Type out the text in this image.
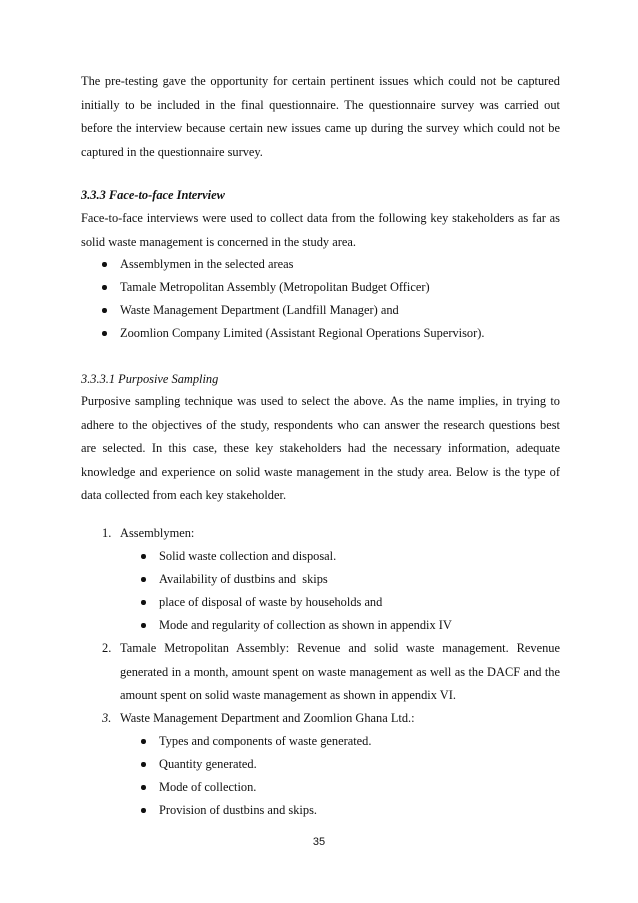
The pre-testing gave the opportunity for certain pertinent issues which could not be captured initially to be included in the final questionnaire. The questionnaire survey was carried out before the interview because certain new issues came up during the survey which could not be captured in the questionnaire survey.

3.3.3 Face-to-face Interview

Face-to-face interviews were used to collect data from the following key stakeholders as far as solid waste management is concerned in the study area.

Assemblymen in the selected areas
Tamale Metropolitan Assembly (Metropolitan Budget Officer)
Waste Management Department (Landfill Manager) and
Zoomlion Company Limited (Assistant Regional Operations Supervisor).

3.3.3.1 Purposive Sampling

Purposive sampling technique was used to select the above. As the name implies, in trying to adhere to the objectives of the study, respondents who can answer the research questions best are selected. In this case, these key stakeholders had the necessary information, adequate knowledge and experience on solid waste management in the study area. Below is the type of data collected from each key stakeholder.

1. Assemblymen:
Solid waste collection and disposal.
Availability of dustbins and  skips
place of disposal of waste by households and
Mode and regularity of collection as shown in appendix IV
2. Tamale Metropolitan Assembly: Revenue and solid waste management. Revenue generated in a month, amount spent on waste management as well as the DACF and the amount spent on solid waste management as shown in appendix VI.

3. Waste Management Department and Zoomlion Ghana Ltd.:
Types and components of waste generated.
Quantity generated.
Mode of collection.
Provision of dustbins and skips.
35
